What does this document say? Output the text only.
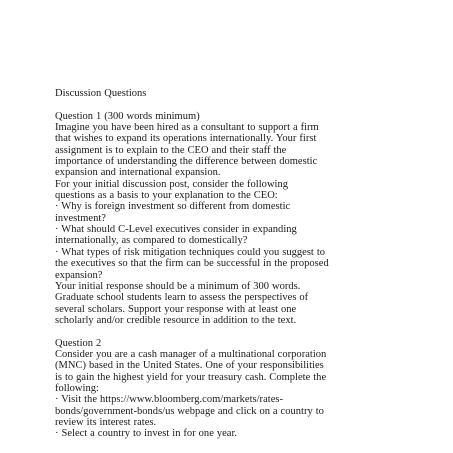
Discussion Questions

Question 1 (300 words minimum)

Imagine you have been hired as a consultant to support a firm

that wishes to expand its operations internationally. Your first

assignment is to explain to the CEO and their staff the

importance of understanding the difference between domestic

expansion and international expansion.

For your initial discussion post, consider the following

questions as a basis to your explanation to the CEO:

· Why is foreign investment so different from domestic

investment?

· What should C-Level executives consider in expanding

internationally, as compared to domestically?

· What types of risk mitigation techniques could you suggest to

the executives so that the firm can be successful in the proposed

expansion?

Your initial response should be a minimum of 300 words.

Graduate school students learn to assess the perspectives of

several scholars. Support your response with at least one

scholarly and/or credible resource in addition to the text.

Question 2

Consider you are a cash manager of a multinational corporation

(MNC) based in the United States. One of your responsibilities

is to gain the highest yield for your treasury cash. Complete the

following:

· Visit the https://www.bloomberg.com/markets/rates-

bonds/government-bonds/us webpage and click on a country to

review its interest rates.

· Select a country to invest in for one year.
